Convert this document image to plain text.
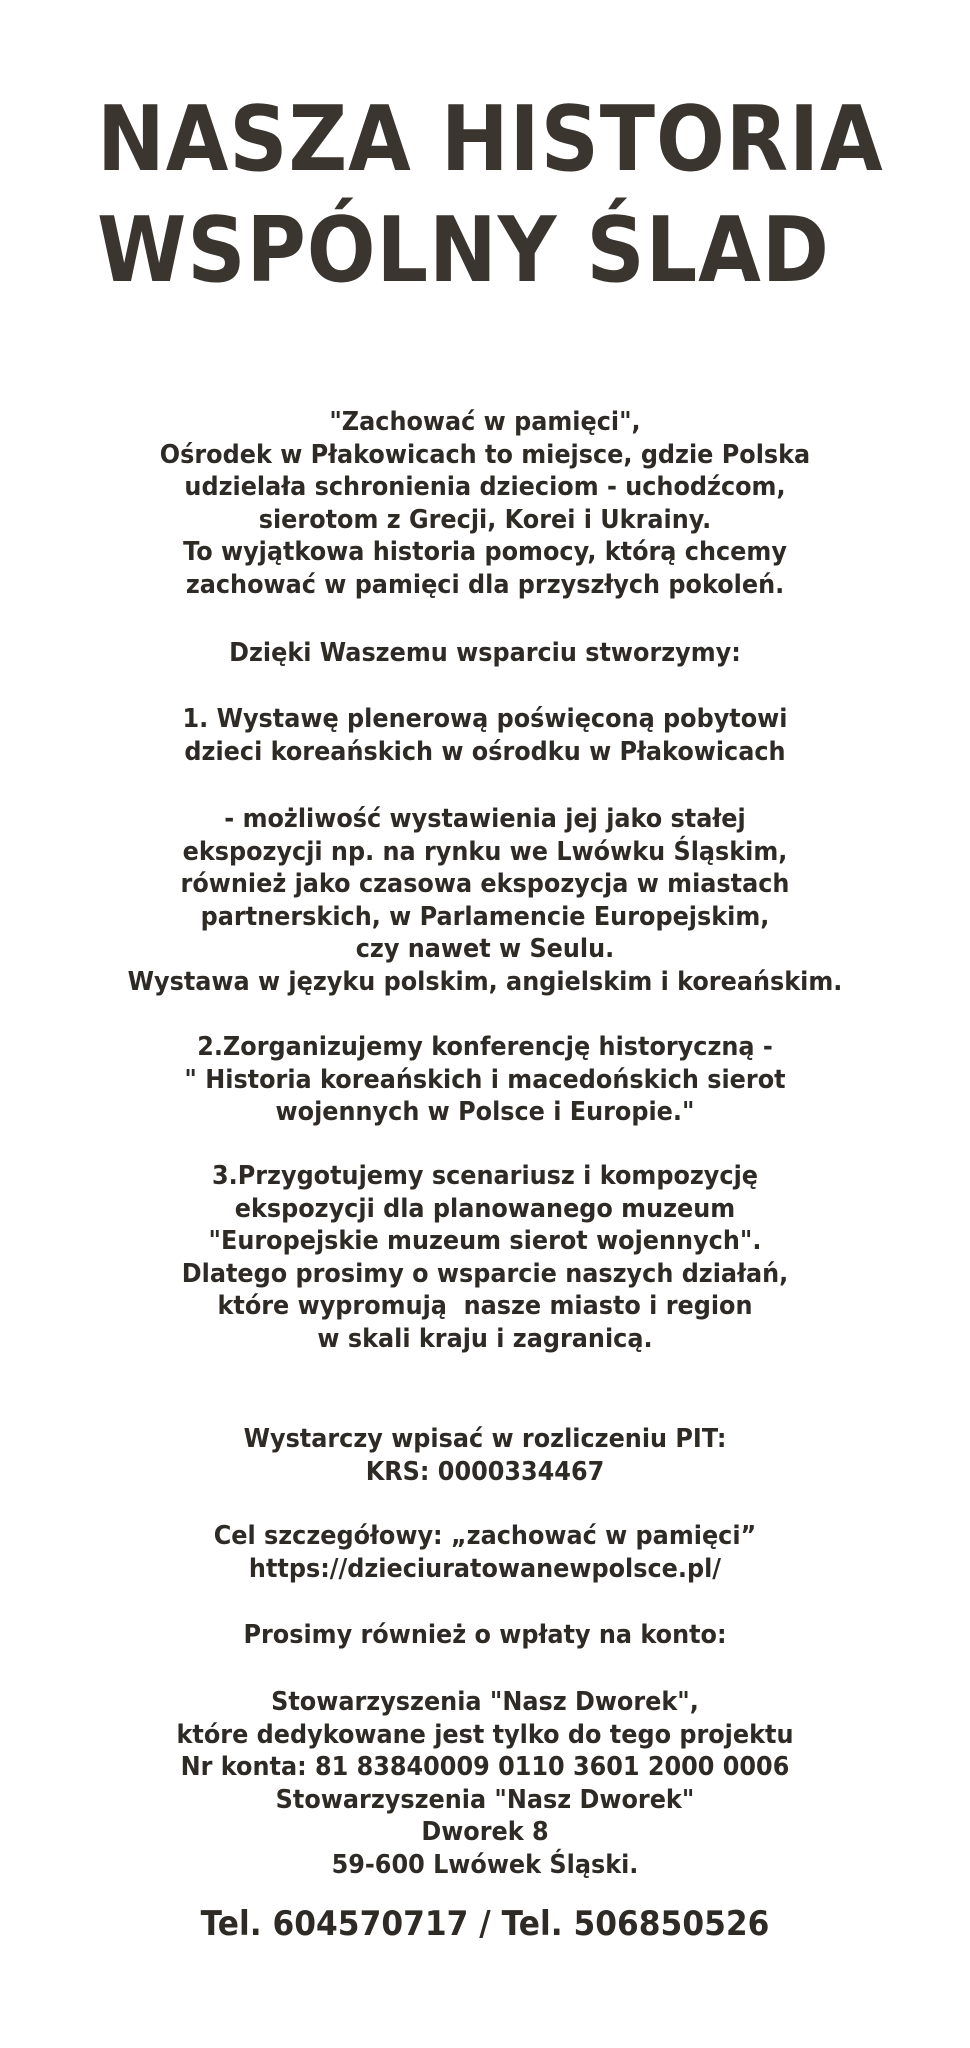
NASZA HISTORIA
WSPÓLNY ŚLAD

"Zachować w pamięci",

Ośrodek w Płakowicach to miejsce, gdzie Polska

udzielała schronienia dzieciom - uchodźcom,

sierotom z Grecji, Korei i Ukrainy.

To wyjątkowa historia pomocy, którą chcemy

zachować w pamięci dla przyszłych pokoleń.

Dzięki Waszemu wsparciu stworzymy:

1. Wystawę plenerową poświęconą pobytowi

dzieci koreańskich w ośrodku w Płakowicach

- możliwość wystawienia jej jako stałej

ekspozycji np. na rynku we Lwówku Śląskim,

również jako czasowa ekspozycja w miastach

partnerskich, w Parlamencie Europejskim,

czy nawet w Seulu.

Wystawa w języku polskim, angielskim i koreańskim.

2.Zorganizujemy konferencję historyczną -

" Historia koreańskich i macedońskich sierot

wojennych w Polsce i Europie."

3.Przygotujemy scenariusz i kompozycję

ekspozycji dla planowanego muzeum

"Europejskie muzeum sierot wojennych".

Dlatego prosimy o wsparcie naszych działań,

które wypromują  nasze miasto i region

w skali kraju i zagranicą.

Wystarczy wpisać w rozliczeniu PIT:

KRS: 0000334467

Cel szczegółowy: „zachować w pamięci”

https://dzieciuratowanewpolsce.pl/

Prosimy również o wpłaty na konto:

Stowarzyszenia "Nasz Dworek",

które dedykowane jest tylko do tego projektu

Nr konta: 81 83840009 0110 3601 2000 0006

Stowarzyszenia "Nasz Dworek"

Dworek 8

59-600 Lwówek Śląski.

Tel. 604570717 / Tel. 506850526
